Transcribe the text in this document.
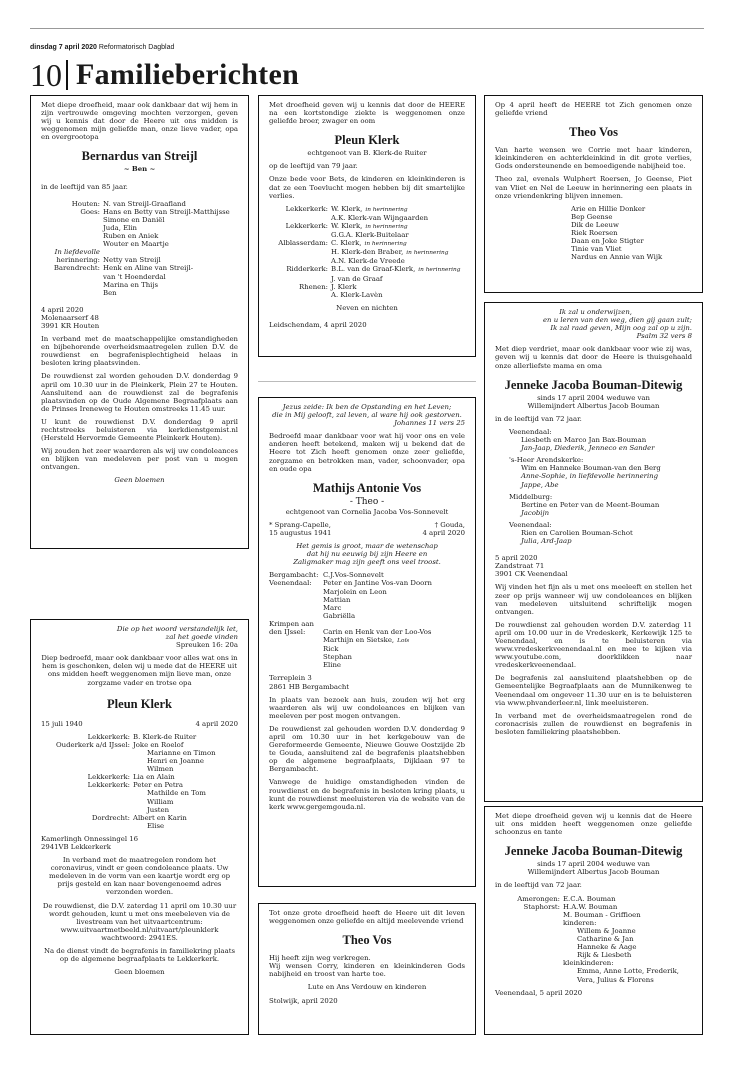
dinsdag 7 april 2020 Reformatorisch Dagblad
10 Familieberichten
Met diepe droefheid, maar ook dankbaar dat wij hem in zijn vertrouwde omgeving mochten verzorgen, geven wij u kennis dat door de Heere uit ons midden is weggenomen mijn geliefde man, onze lieve vader, opa en overgrootopa
Bernardus van Streijl
~ Ben ~
in de leeftijd van 85 jaar.
Houten: N. van Streijl-Graafland
Goes: Hans en Betty van Streijl-Matthijsse
Simone en Daniël
Juda, Elin
Ruben en Aniek
Wouter en Maartje
In liefdevolle
herinnering: Netty van Streijl
Barendrecht: Henk en Aline van Streijl-
van 't Hoenderdal
Marina en Thijs
Ben
4 april 2020
Molenaarserf 48
3991 KR Houten
In verband met de maatschappelijke omstandigheden en bijbehorende overheidsmaatregelen zullen D.V. de rouwdienst en begrafenisplechtigheid helaas in besloten kring plaatsvinden.
De rouwdienst zal worden gehouden D.V. donderdag 9 april om 10.30 uur in de Pleinkerk, Plein 27 te Houten. Aansluitend aan de rouwdienst zal de begrafenis plaatsvinden op de Oude Algemene Begraafplaats aan de Prinses Ireneweg te Houten omstreeks 11.45 uur.
U kunt de rouwdienst D.V. donderdag 9 april rechtstreeks beluisteren via kerkdienstgemist.nl (Hersteld Hervormde Gemeente Pleinkerk Houten).
Wij zouden het zeer waarderen als wij uw condoleances en blijken van medeleven per post van u mogen ontvangen.
Geen bloemen
Die op het woord verstandelijk let,
zal het goede vinden
Spreuken 16: 20a
Diep bedroefd, maar ook dankbaar voor alles wat ons in hem is geschonken, delen wij u mede dat de HEERE uit ons midden heeft weggenomen mijn lieve man, onze zorgzame vader en trotse opa
Pleun Klerk
15 juli 1940	4 april 2020
Lekkerkerk: B. Klerk-de Ruiter
Ouderkerk a/d IJssel: Joke en Roelof
Marianne en Timon
Henri en Joanne
Wilmen
Lekkerkerk: Lia en Alain
Lekkerkerk: Peter en Petra
Mathilde en Tom
William
Justen
Dordrecht: Albert en Karin
Elise
Kamerlingh Onnessingel 16
2941VB Lekkerkerk
In verband met de maatregelen rondom het coronavirus, vindt er geen condoleance plaats. Uw medeleven in de vorm van een kaartje wordt erg op prijs gesteld en kan naar bovengenoemd adres verzonden worden.
De rouwdienst, die D.V. zaterdag 11 april om 10.30 uur wordt gehouden, kunt u met ons meebeleven via de livestream van het uitvaartcentrum: www.uitvaartmetbeeld.nl/uitvaart/pleunklerk wachtwoord: 2941ES.
Na de dienst vindt de begrafenis in familiekring plaats op de algemene begraafplaats te Lekkerkerk.
Geen bloemen
Met droefheid geven wij u kennis dat door de HEERE na een kortstondige ziekte is weggenomen onze geliefde broer, zwager en oom
Pleun Klerk
echtgenoot van B. Klerk-de Ruiter
op de leeftijd van 79 jaar.
Onze bede voor Bets, de kinderen en kleinkinderen is dat ze een Toevlucht mogen hebben bij dit smartelijke verlies.
Lekkerkerk: W. Klerk, in herinnering
A.K. Klerk-van Wijngaarden
Lekkerkerk: W. Klerk, in herinnering
G.G.A. Klerk-Buitelaar
Alblasserdam: C. Klerk, in herinnering
H. Klerk-den Braber, in herinnering
A.N. Klerk-de Vreede
Ridderkerk: B.L. van de Graaf-Klerk, in herinnering
J. van de Graaf
Rhenen: J. Klerk
A. Klerk-Lavèn
Neven en nichten
Leidschendam, 4 april 2020
Jezus zeide: Ik ben de Opstanding en het Leven;
die in Mij gelooft, zal leven, al ware hij ook gestorven.
Johannes 11 vers 25
Bedroefd maar dankbaar voor wat hij voor ons en vele anderen heeft betekend, maken wij u bekend dat de Heere tot Zich heeft genomen onze zeer geliefde, zorgzame en betrokken man, vader, schoonvader, opa en oude opa
Mathijs Antonie Vos
- Theo -
echtgenoot van Cornelia Jacoba Vos-Sonnevelt
* Sprang-Capelle,
15 augustus 1941
† Gouda,
4 april 2020
Het gemis is groot, maar de wetenschap
dat hij nu eeuwig bij zijn Heere en
Zaligmaker mag zijn geeft ons veel troost.
Bergambacht: C.J.Vos-Sonnevelt
Veenendaal:	Peter en Jantine Vos-van Doorn
Marjolein en Leon
Mattian
Marc
Gabriëlla
Krimpen aan
den IJssel:	Carin en Henk van der Loo-Vos
Marthijn en Sietske, Loïs
Rick
Stephan
Eline
Terreplein 3
2861 HB Bergambacht
In plaats van bezoek aan huis, zouden wij het erg waarderen als wij uw condoleances en blijken van meeleven per post mogen ontvangen.
De rouwdienst zal gehouden worden D.V. donderdag 9 april om 10.30 uur in het kerkgebouw van de Gereformeerde Gemeente, Nieuwe Gouwe Oostzijde 2b te Gouda, aansluitend zal de begrafenis plaatshebben op de algemene begraafplaats, Dijklaan 97 te Bergambacht.
Vanwege de huidige omstandigheden vinden de rouwdienst en de begrafenis in besloten kring plaats, u kunt de rouwdienst meeluisteren via de website van de kerk www.gergemgouda.nl.
Tot onze grote droefheid heeft de Heere uit dit leven weggenomen onze geliefde en altijd meelevende vriend
Theo Vos
Hij heeft zijn weg verkregen.
Wij wensen Corry, kinderen en kleinkinderen Gods nabijheid en troost van harte toe.
Lute en Ans Verdouw en kinderen
Stolwijk, april 2020
Op 4 april heeft de HEERE tot Zich genomen onze geliefde vriend
Theo Vos
Van harte wensen we Corrie met haar kinderen, kleinkinderen en achterkleinkind in dit grote verlies, Gods ondersteunende en bemoedigende nabijheid toe.
Theo zal, evenals Wulphert Roersen, Jo Geense, Piet van Vliet en Nel de Leeuw in herinnering een plaats in onze vriendenkring blijven innemen.
Arie en Hillie Donker
Bep Geense
Dik de Leeuw
Riek Roersen
Daan en Joke Stigter
Tinie van Vliet
Nardus en Annie van Wijk
Ik zal u onderwijzen,
en u leren van den weg, dien gij gaan zult;
Ik zal raad geven, Mijn oog zal op u zijn.
Psalm 32 vers 8
Met diep verdriet, maar ook dankbaar voor wie zij was, geven wij u kennis dat door de Heere is thuisgehaald onze allerliefste mama en oma
Jenneke Jacoba Bouman-Ditewig
sinds 17 april 2004 weduwe van
Willemijndert Albertus Jacob Bouman
in de leeftijd van 72 jaar.
Veenendaal:
Liesbeth en Marco Jan Bax-Bouman
Jan-Jaap, Diederik, Jenneco en Sander
's-Heer Arendskerke:
Wim en Hanneke Bouman-van den Berg
Anne-Sophie, in liefdevolle herinnering
Jappe, Abe
Middelburg:
Bertine en Peter van de Meent-Bouman
Jacobijn
Veenendaal:
Rien en Carolien Bouman-Schot
Julia, Ard-Jaap
5 april 2020
Zandstraat 71
3901 CK Veenendaal
Wij vinden het fijn als u met ons meeleeft en stellen het zeer op prijs wanneer wij uw condoleances en blijken van medeleven uitsluitend schriftelijk mogen ontvangen.
De rouwdienst zal gehouden worden D.V. zaterdag 11 april om 10.00 uur in de Vredeskerk, Kerkewijk 125 te Veenendaal, en is te beluisteren via www.vredeskerkveenendaal.nl en mee te kijken via www.youtube.com, doorklikken naar vredeskerkveenendaal.
De begrafenis zal aansluitend plaatshebben op de Gemeentelijke Begraafplaats aan de Munnikenweg te Veenendaal om ongeveer 11.30 uur en is te beluisteren via www.phvanderleer.nl, link meeluisteren.
In verband met de overheidsmaatregelen rond de coronacrisis zullen de rouwdienst en begrafenis in besloten familiekring plaatshebben.
Met diepe droefheid geven wij u kennis dat de Heere uit ons midden heeft weggenomen onze geliefde schoonzus en tante
Jenneke Jacoba Bouman-Ditewig
sinds 17 april 2004 weduwe van
Willemijndert Albertus Jacob Bouman
in de leeftijd van 72 jaar.
Amerongen: E.C.A. Bouman
Staphorst: H.A.W. Bouman
M. Bouman - Griffioen
kinderen:
Willem & Joanne
Catharine & Jan
Hanneke & Aage
Rijk & Liesbeth
kleinkinderen:
Emma, Anne Lotte, Frederik,
Vera, Julius & Florens
Veenendaal, 5 april 2020
